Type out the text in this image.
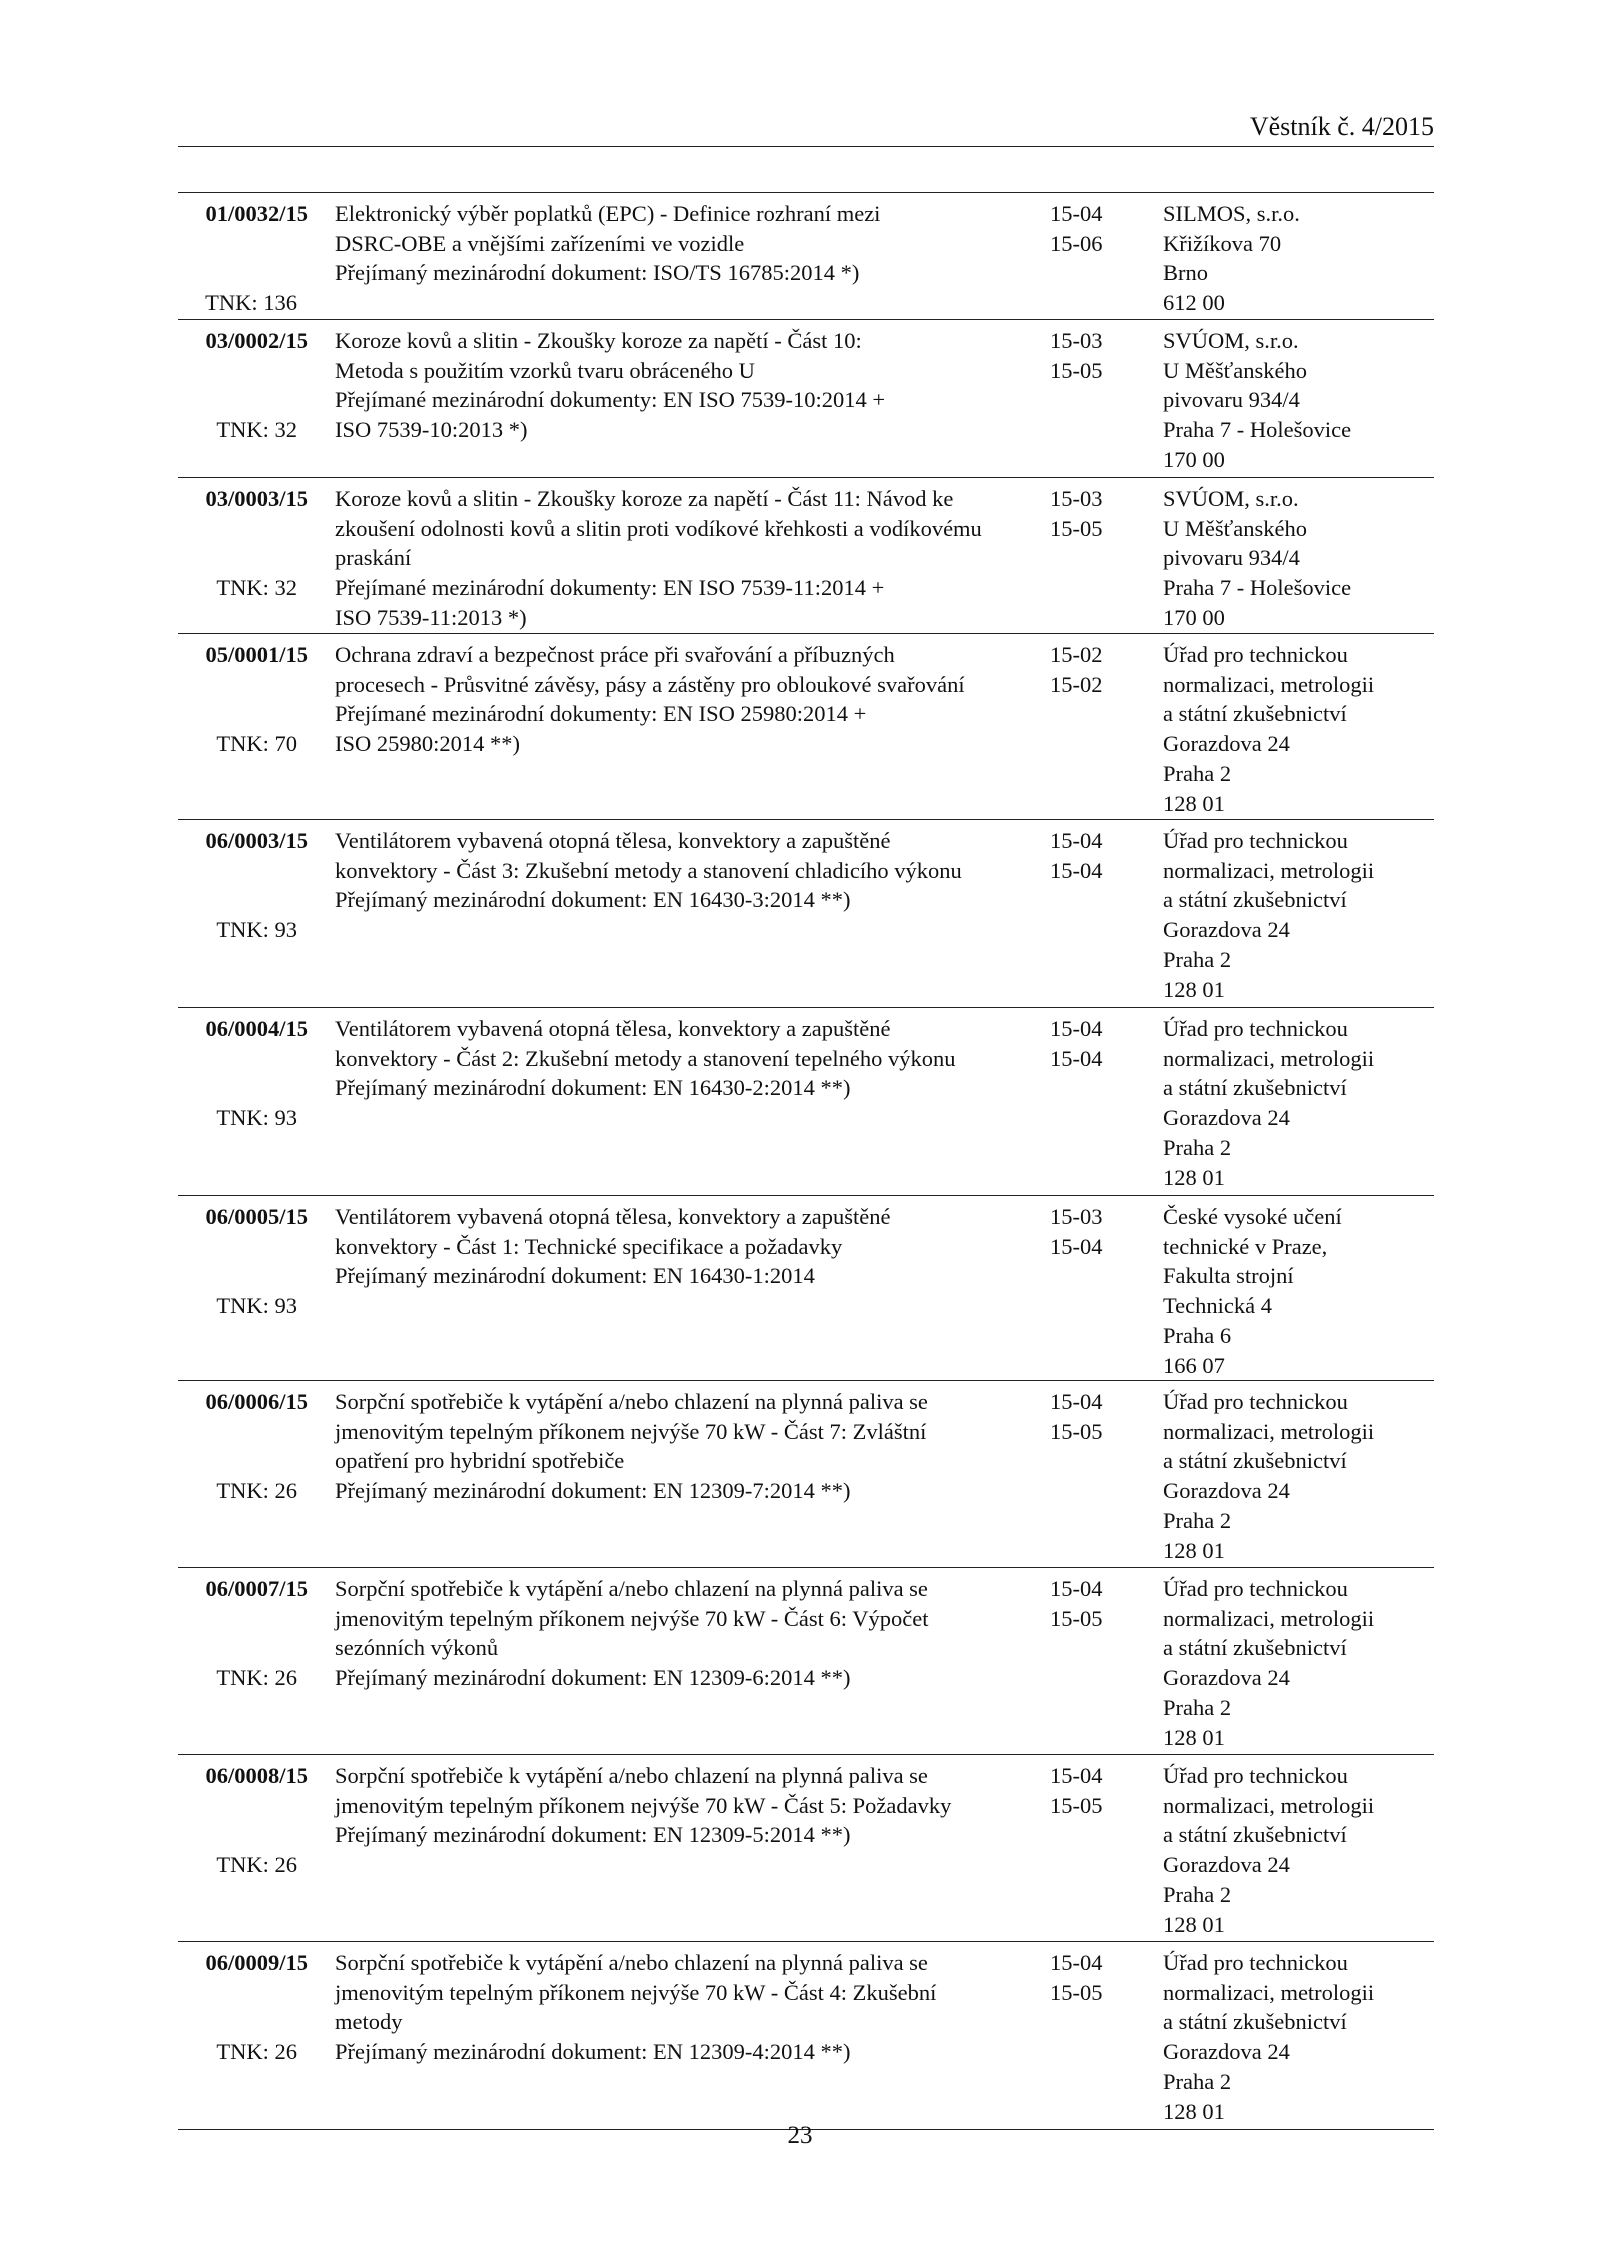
Věstník č. 4/2015
01/0032/15
TNK: 136
Elektronický výběr poplatků (EPC) - Definice rozhraní mezi
DSRC-OBE a vnějšími zařízeními ve vozidle
Přejímaný mezinárodní dokument: ISO/TS 16785:2014 *)
15-04
15-06
SILMOS, s.r.o.
Křižíkova 70
Brno
612 00
03/0002/15
TNK: 32
Koroze kovů a slitin - Zkoušky koroze za napětí - Část 10:
Metoda s použitím vzorků tvaru obráceného U
Přejímané mezinárodní dokumenty: EN ISO 7539-10:2014 +
ISO 7539-10:2013 *)
15-03
15-05
SVÚOM, s.r.o.
U Měšťanského
pivovaru 934/4
Praha 7 - Holešovice
170 00
03/0003/15
TNK: 32
Koroze kovů a slitin - Zkoušky koroze za napětí - Část 11: Návod ke
zkoušení odolnosti kovů a slitin proti vodíkové křehkosti a vodíkovému
praskání
Přejímané mezinárodní dokumenty: EN ISO 7539-11:2014 +
ISO 7539-11:2013 *)
15-03
15-05
SVÚOM, s.r.o.
U Měšťanského
pivovaru 934/4
Praha 7 - Holešovice
170 00
05/0001/15
TNK: 70
Ochrana zdraví a bezpečnost práce při svařování a příbuzných
procesech - Průsvitné závěsy, pásy a zástěny pro obloukové svařování
Přejímané mezinárodní dokumenty: EN ISO 25980:2014 +
ISO 25980:2014 **)
15-02
15-02
Úřad pro technickou
normalizaci, metrologii
a státní zkušebnictví
Gorazdova 24
Praha 2
128 01
06/0003/15
TNK: 93
Ventilátorem vybavená otopná tělesa, konvektory a zapuštěné
konvektory - Část 3: Zkušební metody a stanovení chladicího výkonu
Přejímaný mezinárodní dokument: EN 16430-3:2014 **)
15-04
15-04
Úřad pro technickou
normalizaci, metrologii
a státní zkušebnictví
Gorazdova 24
Praha 2
128 01
06/0004/15
TNK: 93
Ventilátorem vybavená otopná tělesa, konvektory a zapuštěné
konvektory - Část 2: Zkušební metody a stanovení tepelného výkonu
Přejímaný mezinárodní dokument: EN 16430-2:2014 **)
15-04
15-04
Úřad pro technickou
normalizaci, metrologii
a státní zkušebnictví
Gorazdova 24
Praha 2
128 01
06/0005/15
TNK: 93
Ventilátorem vybavená otopná tělesa, konvektory a zapuštěné
konvektory - Část 1: Technické specifikace a požadavky
Přejímaný mezinárodní dokument: EN 16430-1:2014
15-03
15-04
České vysoké učení
technické v Praze,
Fakulta strojní
Technická 4
Praha 6
166 07
06/0006/15
TNK: 26
Sorpční spotřebiče k vytápění a/nebo chlazení na plynná paliva se
jmenovitým tepelným příkonem nejvýše 70 kW - Část 7: Zvláštní
opatření pro hybridní spotřebiče
Přejímaný mezinárodní dokument: EN 12309-7:2014 **)
15-04
15-05
Úřad pro technickou
normalizaci, metrologii
a státní zkušebnictví
Gorazdova 24
Praha 2
128 01
06/0007/15
TNK: 26
Sorpční spotřebiče k vytápění a/nebo chlazení na plynná paliva se
jmenovitým tepelným příkonem nejvýše 70 kW - Část 6: Výpočet
sezónních výkonů
Přejímaný mezinárodní dokument: EN 12309-6:2014 **)
15-04
15-05
Úřad pro technickou
normalizaci, metrologii
a státní zkušebnictví
Gorazdova 24
Praha 2
128 01
06/0008/15
TNK: 26
Sorpční spotřebiče k vytápění a/nebo chlazení na plynná paliva se
jmenovitým tepelným příkonem nejvýše 70 kW - Část 5: Požadavky
Přejímaný mezinárodní dokument: EN 12309-5:2014 **)
15-04
15-05
Úřad pro technickou
normalizaci, metrologii
a státní zkušebnictví
Gorazdova 24
Praha 2
128 01
06/0009/15
TNK: 26
Sorpční spotřebiče k vytápění a/nebo chlazení na plynná paliva se
jmenovitým tepelným příkonem nejvýše 70 kW - Část 4: Zkušební
metody
Přejímaný mezinárodní dokument: EN 12309-4:2014 **)
15-04
15-05
Úřad pro technickou
normalizaci, metrologii
a státní zkušebnictví
Gorazdova 24
Praha 2
128 01
23
